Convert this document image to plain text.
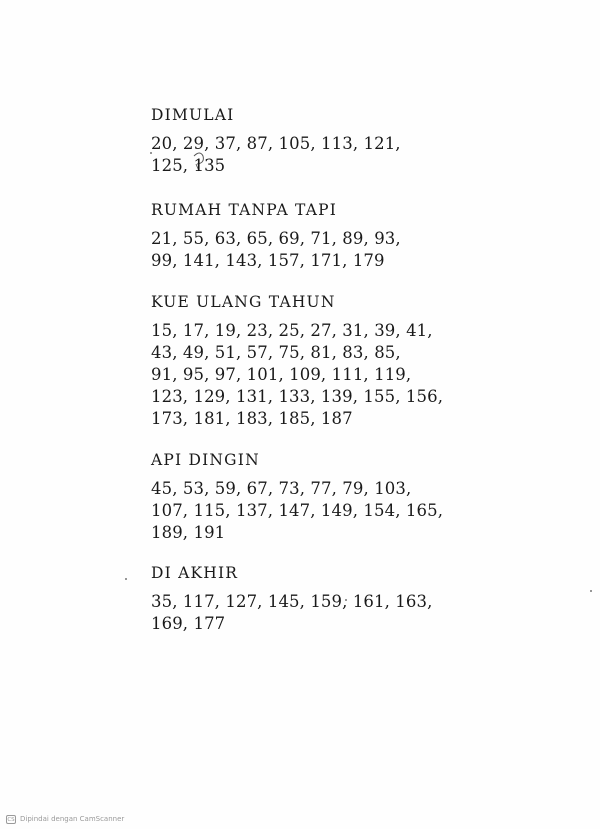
DIMULAI
20, 29, 37, 87, 105, 113, 121,
125, 135
RUMAH TANPA TAPI
21, 55, 63, 65, 69, 71, 89, 93,
99, 141, 143, 157, 171, 179
KUE ULANG TAHUN
15, 17, 19, 23, 25, 27, 31, 39, 41,
43, 49, 51, 57, 75, 81, 83, 85,
91, 95, 97, 101, 109, 111, 119,
123, 129, 131, 133, 139, 155, 156,
173, 181, 183, 185, 187
API DINGIN
45, 53, 59, 67, 73, 77, 79, 103,
107, 115, 137, 147, 149, 154, 165,
189, 191
DI AKHIR
35, 117, 127, 145, 159, 161, 163,
169, 177
CS Dipindai dengan CamScanner
